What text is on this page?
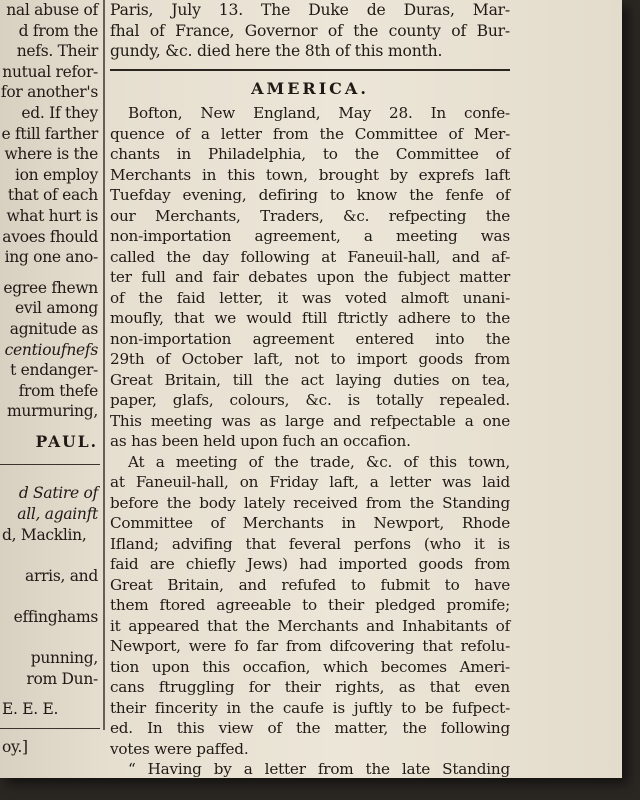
nal abuse of
d from the
nefs. Their
nutual refor-
for another's
ed. If they
e ftill farther
where is the
ion employ
that of each
what hurt is
avoes fhould
ing one ano-
egree fhewn
evil among
agnitude as
centioufnefs
t endanger-
from thefe
murmuring,
PAUL.
d Satire of
all, againft
d, Macklin,

arris, and

effinghams

punning,
rom Dun-
E. E. E.
oy.]
Paris, July 13. The Duke de Duras, Mar-
fhal of France, Governor of the county of Bur-
gundy, &c. died here the 8th of this month.
AMERICA.
Bofton, New England, May 28. In confe-
quence of a letter from the Committee of Mer-
chants in Philadelphia, to the Committee of
Merchants in this town, brought by exprefs laft
Tuefday evening, defiring to know the fenfe of
our Merchants, Traders, &c. refpecting the
non-importation agreement, a meeting was
called the day following at Faneuil-hall, and af-
ter full and fair debates upon the fubject matter
of the faid letter, it was voted almoft unani-
moufly, that we would ftill ftrictly adhere to the
non-importation agreement entered into the
29th of October laft, not to import goods from
Great Britain, till the act laying duties on tea,
paper, glafs, colours, &c. is totally repealed.
This meeting was as large and refpectable a one
as has been held upon fuch an occafion.
At a meeting of the trade, &c. of this town,
at Faneuil-hall, on Friday laft, a letter was laid
before the body lately received from the Standing
Committee of Merchants in Newport, Rhode
Ifland; advifing that feveral perfons (who it is
faid are chiefly Jews) had imported goods from
Great Britain, and refufed to fubmit to have
them ftored agreeable to their pledged promife;
it appeared that the Merchants and Inhabitants of
Newport, were fo far from difcovering that refolu-
tion upon this occafion, which becomes Ameri-
cans ftruggling for their rights, as that even
their fincerity in the caufe is juftly to be fufpect-
ed. In this view of the matter, the following
votes were paffed.
“ Having by a letter from the late Standing
